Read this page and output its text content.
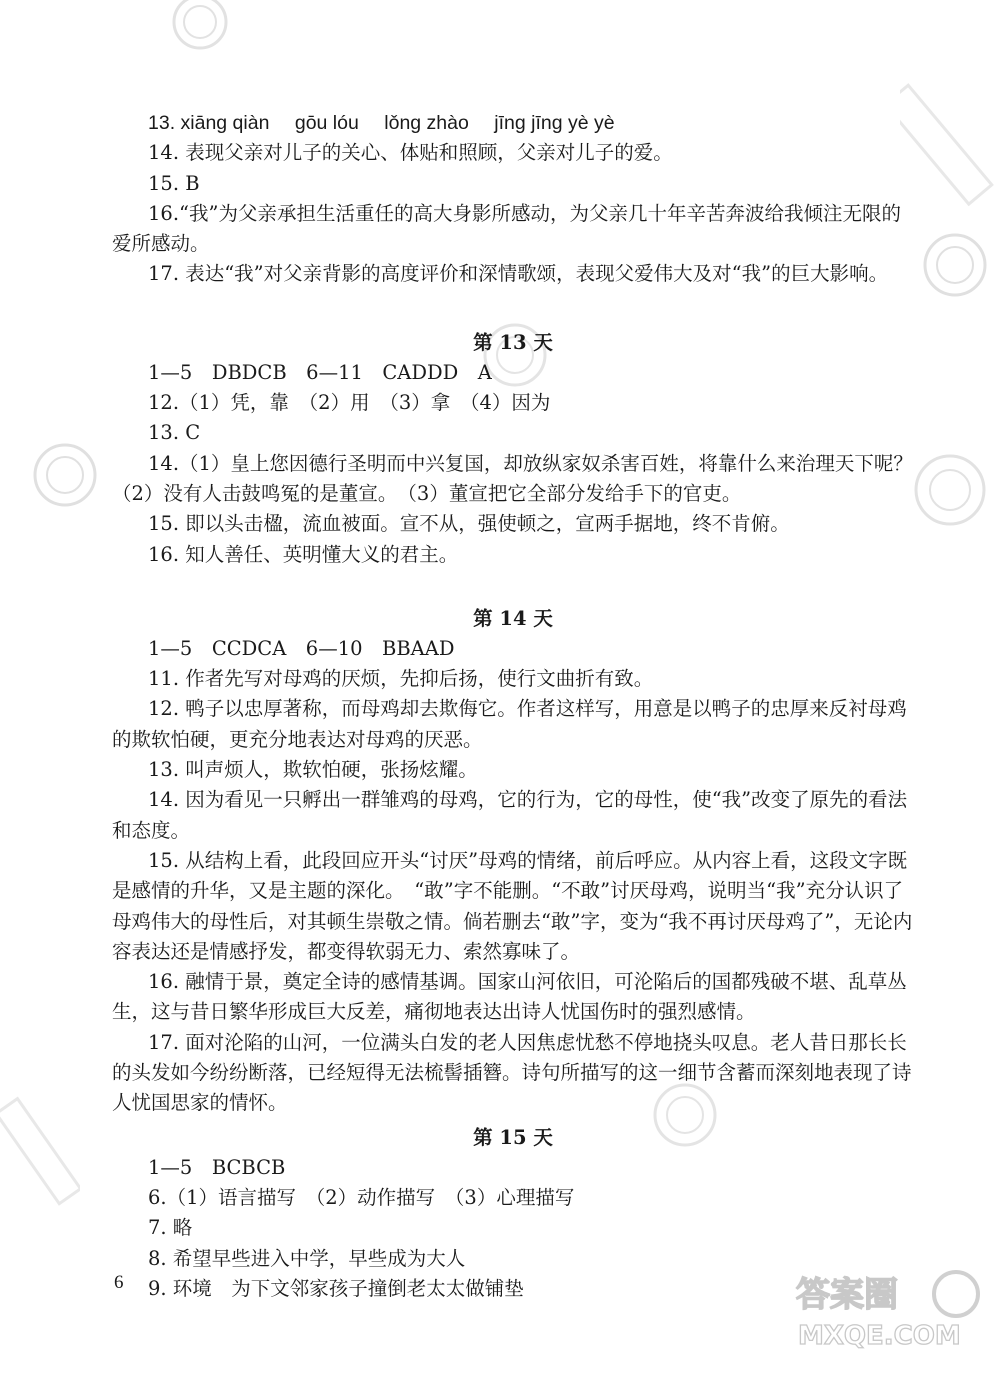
13. xiāng qiàn gōu lóu lǒng zhào jīng jīng yè yè

14. 表现父亲对儿子的关心、体贴和照顾，父亲对儿子的爱。

15. B

16.“我”为父亲承担生活重任的高大身影所感动，为父亲几十年辛苦奔波给我倾注无限的爱所感动。

17. 表达“我”对父亲背影的高度评价和深情歌颂，表现父爱伟大及对“我”的巨大影响。

第 13 天

1—5　DBDCB　6—11　CADDD　A

12.（1）凭，靠　（2）用　（3）拿　（4）因为

13. C

14.（1）皇上您因德行圣明而中兴复国，却放纵家奴杀害百姓，将靠什么来治理天下呢？（2）没有人击鼓鸣冤的是董宣。　（3）董宣把它全部分发给手下的官吏。

15. 即以头击楹，流血被面。宣不从，强使顿之，宣两手据地，终不肯俯。

16. 知人善任、英明懂大义的君主。

第 14 天

1—5　CCDCA　6—10　BBAAD

11. 作者先写对母鸡的厌烦，先抑后扬，使行文曲折有致。

12. 鸭子以忠厚著称，而母鸡却去欺侮它。作者这样写，用意是以鸭子的忠厚来反衬母鸡的欺软怕硬，更充分地表达对母鸡的厌恶。

13. 叫声烦人，欺软怕硬，张扬炫耀。

14. 因为看见一只孵出一群雏鸡的母鸡，它的行为，它的母性，使“我”改变了原先的看法和态度。

15. 从结构上看，此段回应开头“讨厌”母鸡的情绪，前后呼应。从内容上看，这段文字既是感情的升华，又是主题的深化。　“敢”字不能删。“不敢”讨厌母鸡，说明当“我”充分认识了母鸡伟大的母性后，对其顿生崇敬之情。倘若删去“敢”字，变为“我不再讨厌母鸡了”，无论内容表达还是情感抒发，都变得软弱无力、索然寡味了。

16. 融情于景，奠定全诗的感情基调。国家山河依旧，可沦陷后的国都残破不堪、乱草丛生，这与昔日繁华形成巨大反差，痛彻地表达出诗人忧国伤时的强烈感情。

17. 面对沦陷的山河，一位满头白发的老人因焦虑忧愁不停地挠头叹息。老人昔日那长长的头发如今纷纷断落，已经短得无法梳髻插簪。诗句所描写的这一细节含蓄而深刻地表现了诗人忧国思家的情怀。

第 15 天

1—5　BCBCB

6.（1）语言描写　（2）动作描写　（3）心理描写

7. 略

8. 希望早些进入中学，早些成为大人

9. 环境　为下文邻家孩子撞倒老太太做铺垫

6	答案圈
MXQE.COM
